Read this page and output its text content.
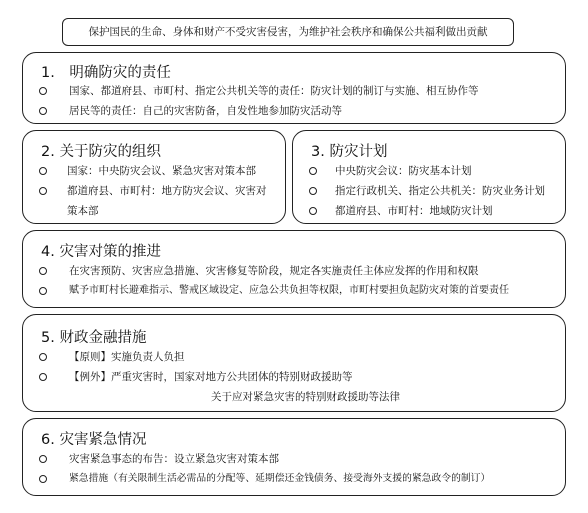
保护国民的生命、身体和财产不受灾害侵害，为维护社会秩序和确保公共福利做出贡献
1.　明确防灾的责任
国家、都道府县、市町村、指定公共机关等的责任：防灾计划的制订与实施、相互协作等
居民等的责任：自己的灾害防备，自发性地参加防灾活动等
2. 关于防灾的组织
国家：中央防灾会议、紧急灾害对策本部
都道府县、市町村：地方防灾会议、灾害对
策本部
3. 防灾计划
中央防灾会议：防灾基本计划
指定行政机关、指定公共机关：防灾业务计划
都道府县、市町村：地域防灾计划
4. 灾害对策的推进
在灾害预防、灾害应急措施、灾害修复等阶段，规定各实施责任主体应发挥的作用和权限
赋予市町村长避难指示、警戒区域设定、应急公共负担等权限，市町村要担负起防灾对策的首要责任
5. 财政金融措施
【原则】实施负责人负担
【例外】严重灾害时，国家对地方公共团体的特别财政援助等
关于应对紧急灾害的特别财政援助等法律
6. 灾害紧急情况
灾害紧急事态的布告：设立紧急灾害对策本部
紧急措施（有关限制生活必需品的分配等、延期偿还金钱债务、接受海外支援的紧急政令的制订）
